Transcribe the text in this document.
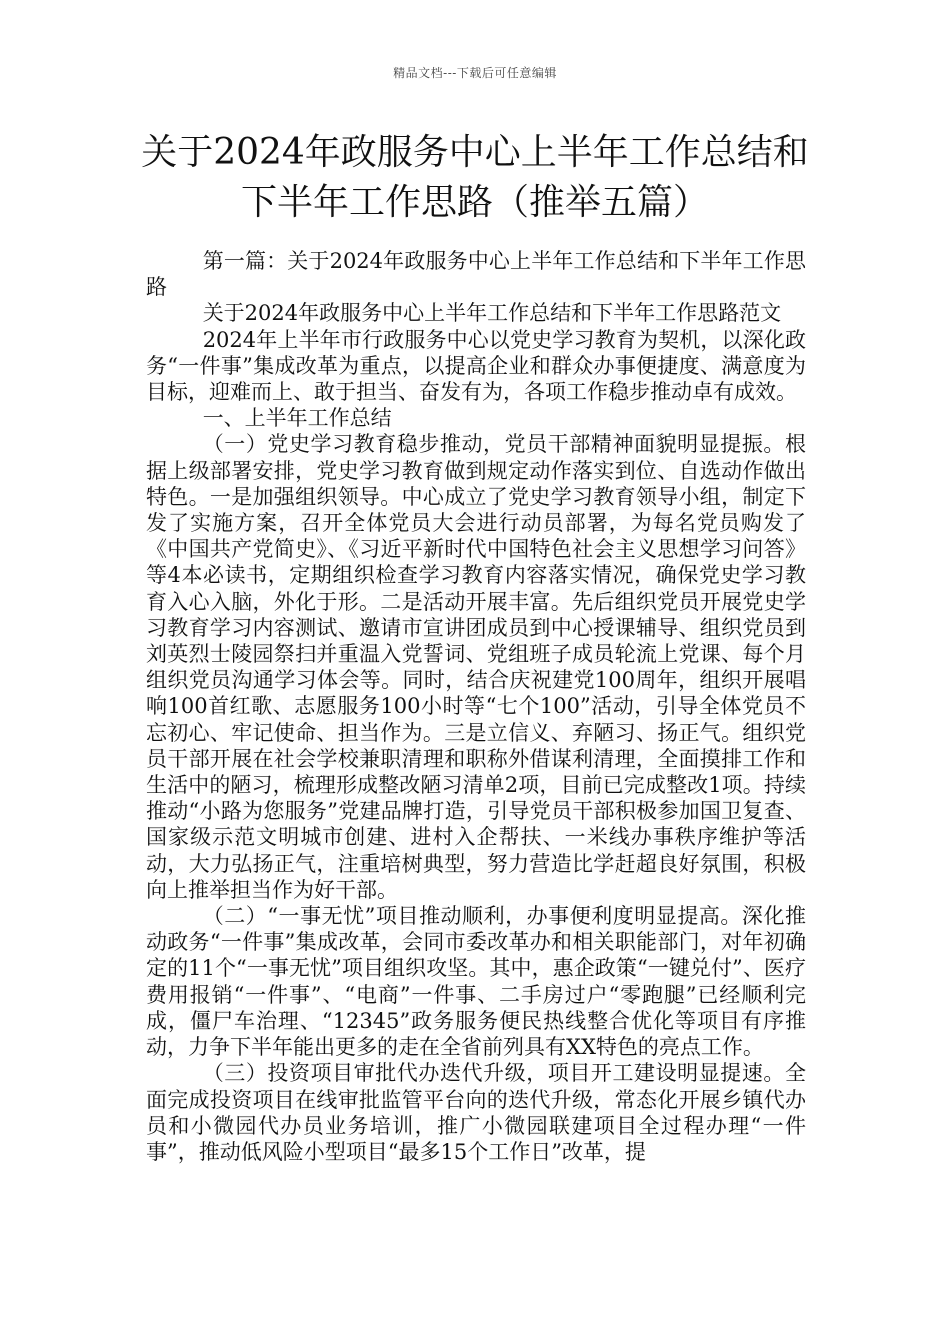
精品文档---下载后可任意编辑
关于2024年政服务中心上半年工作总结和
下半年工作思路（推举五篇）

第一篇：关于2024年政服务中心上半年工作总结和下半年工作思路

关于2024年政服务中心上半年工作总结和下半年工作思路范文

2024年上半年市行政服务中心以党史学习教育为契机，以深化政务“一件事”集成改革为重点，以提高企业和群众办事便捷度、满意度为目标，迎难而上、敢于担当、奋发有为，各项工作稳步推动卓有成效。

一、上半年工作总结

（一）党史学习教育稳步推动，党员干部精神面貌明显提振。根据上级部署安排，党史学习教育做到规定动作落实到位、自选动作做出特色。一是加强组织领导。中心成立了党史学习教育领导小组，制定下发了实施方案，召开全体党员大会进行动员部署，为每名党员购发了《中国共产党简史》、《习近平新时代中国特色社会主义思想学习问答》等4本必读书，定期组织检查学习教育内容落实情况，确保党史学习教育入心入脑，外化于形。二是活动开展丰富。先后组织党员开展党史学习教育学习内容测试、邀请市宣讲团成员到中心授课辅导、组织党员到刘英烈士陵园祭扫并重温入党誓词、党组班子成员轮流上党课、每个月组织党员沟通学习体会等。同时，结合庆祝建党100周年，组织开展唱响100首红歌、志愿服务100小时等“七个100”活动，引导全体党员不忘初心、牢记使命、担当作为。三是立信义、弃陋习、扬正气。组织党员干部开展在社会学校兼职清理和职称外借谋利清理，全面摸排工作和生活中的陋习，梳理形成整改陋习清单2项，目前已完成整改1项。持续推动“小路为您服务”党建品牌打造，引导党员干部积极参加国卫复查、国家级示范文明城市创建、进村入企帮扶、一米线办事秩序维护等活动，大力弘扬正气，注重培树典型，努力营造比学赶超良好氛围，积极向上推举担当作为好干部。

（二）“一事无忧”项目推动顺利，办事便利度明显提高。深化推动政务“一件事”集成改革，会同市委改革办和相关职能部门，对年初确定的11个“一事无忧”项目组织攻坚。其中，惠企政策“一键兑付”、医疗费用报销“一件事”、“电商”一件事、二手房过户“零跑腿”已经顺利完成，僵尸车治理、“12345”政务服务便民热线整合优化等项目有序推动，力争下半年能出更多的走在全省前列具有XX特色的亮点工作。

（三）投资项目审批代办迭代升级，项目开工建设明显提速。全面完成投资项目在线审批监管平台向的迭代升级，常态化开展乡镇代办员和小微园代办员业务培训，推广小微园联建项目全过程办理“一件事”，推动低风险小型项目“最多15个工作日”改革，提
